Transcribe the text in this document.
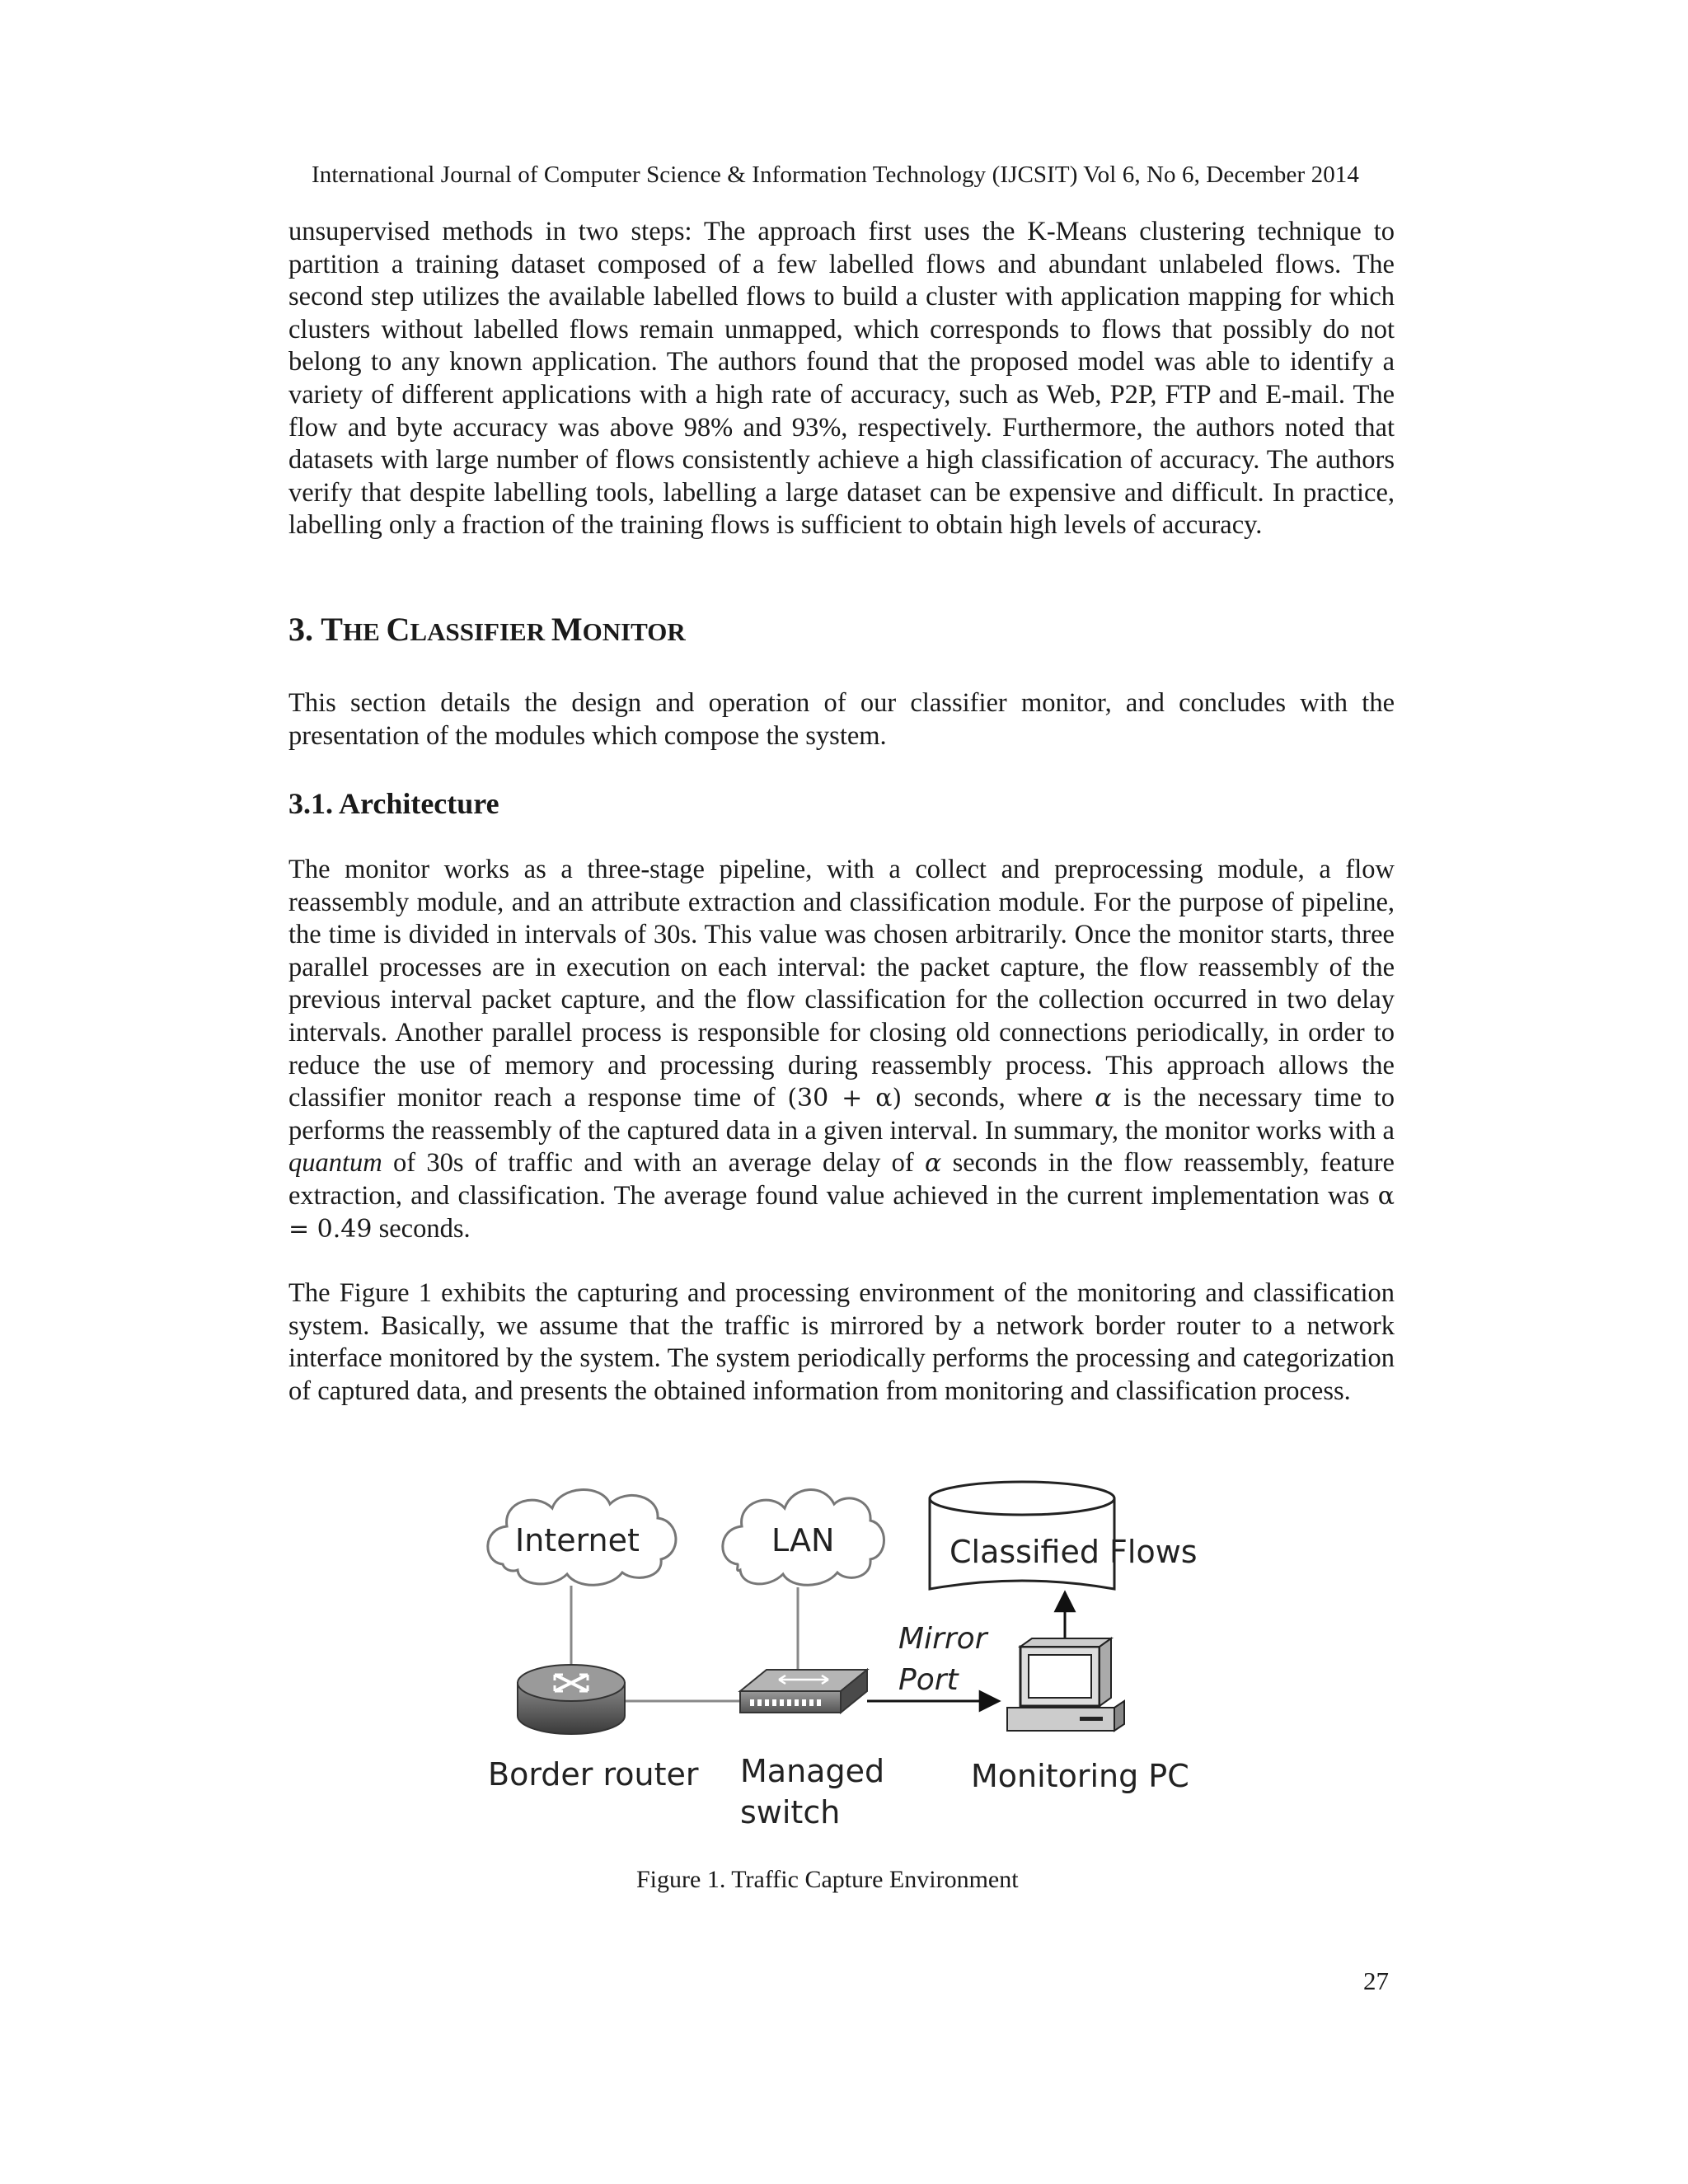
International Journal of Computer Science & Information Technology (IJCSIT) Vol 6, No 6, December 2014

unsupervised methods in two steps: The approach first uses the K-Means clustering technique to partition a training dataset composed of a few labelled flows and abundant unlabeled flows. The second step utilizes the available labelled flows to build a cluster with application mapping for which clusters without labelled flows remain unmapped, which corresponds to flows that possibly do not belong to any known application. The authors found that the proposed model was able to identify a variety of different applications with a high rate of accuracy, such as Web, P2P, FTP and E-mail. The flow and byte accuracy was above 98% and 93%, respectively. Furthermore, the authors noted that datasets with large number of flows consistently achieve a high classification of accuracy. The authors verify that despite labelling tools, labelling a large dataset can be expensive and difficult. In practice, labelling only a fraction of the training flows is sufficient to obtain high levels of accuracy.

3. THE CLASSIFIER MONITOR

This section details the design and operation of our classifier monitor, and concludes with the presentation of the modules which compose the system.

3.1. Architecture

The monitor works as a three-stage pipeline, with a collect and preprocessing module, a flow reassembly module, and an attribute extraction and classification module. For the purpose of pipeline, the time is divided in intervals of 30s. This value was chosen arbitrarily. Once the monitor starts, three parallel processes are in execution on each interval: the packet capture, the flow reassembly of the previous interval packet capture, and the flow classification for the collection occurred in two delay intervals. Another parallel process is responsible for closing old connections periodically, in order to reduce the use of memory and processing during reassembly process. This approach allows the classifier monitor reach a response time of (30 + α) seconds, where α is the necessary time to performs the reassembly of the captured data in a given interval. In summary, the monitor works with a quantum of 30s of traffic and with an average delay of α seconds in the flow reassembly, feature extraction, and classification. The average found value achieved in the current implementation was α = 0.49 seconds.

The Figure 1 exhibits the capturing and processing environment of the monitoring and classification system. Basically, we assume that the traffic is mirrored by a network border router to a network interface monitored by the system. The system periodically performs the processing and categorization of captured data, and presents the obtained information from monitoring and classification process.

Internet	LAN	Classified Flows
Mirror
Port
Border router Managed
switch
Monitoring PC
Figure 1. Traffic Capture Environment
27
